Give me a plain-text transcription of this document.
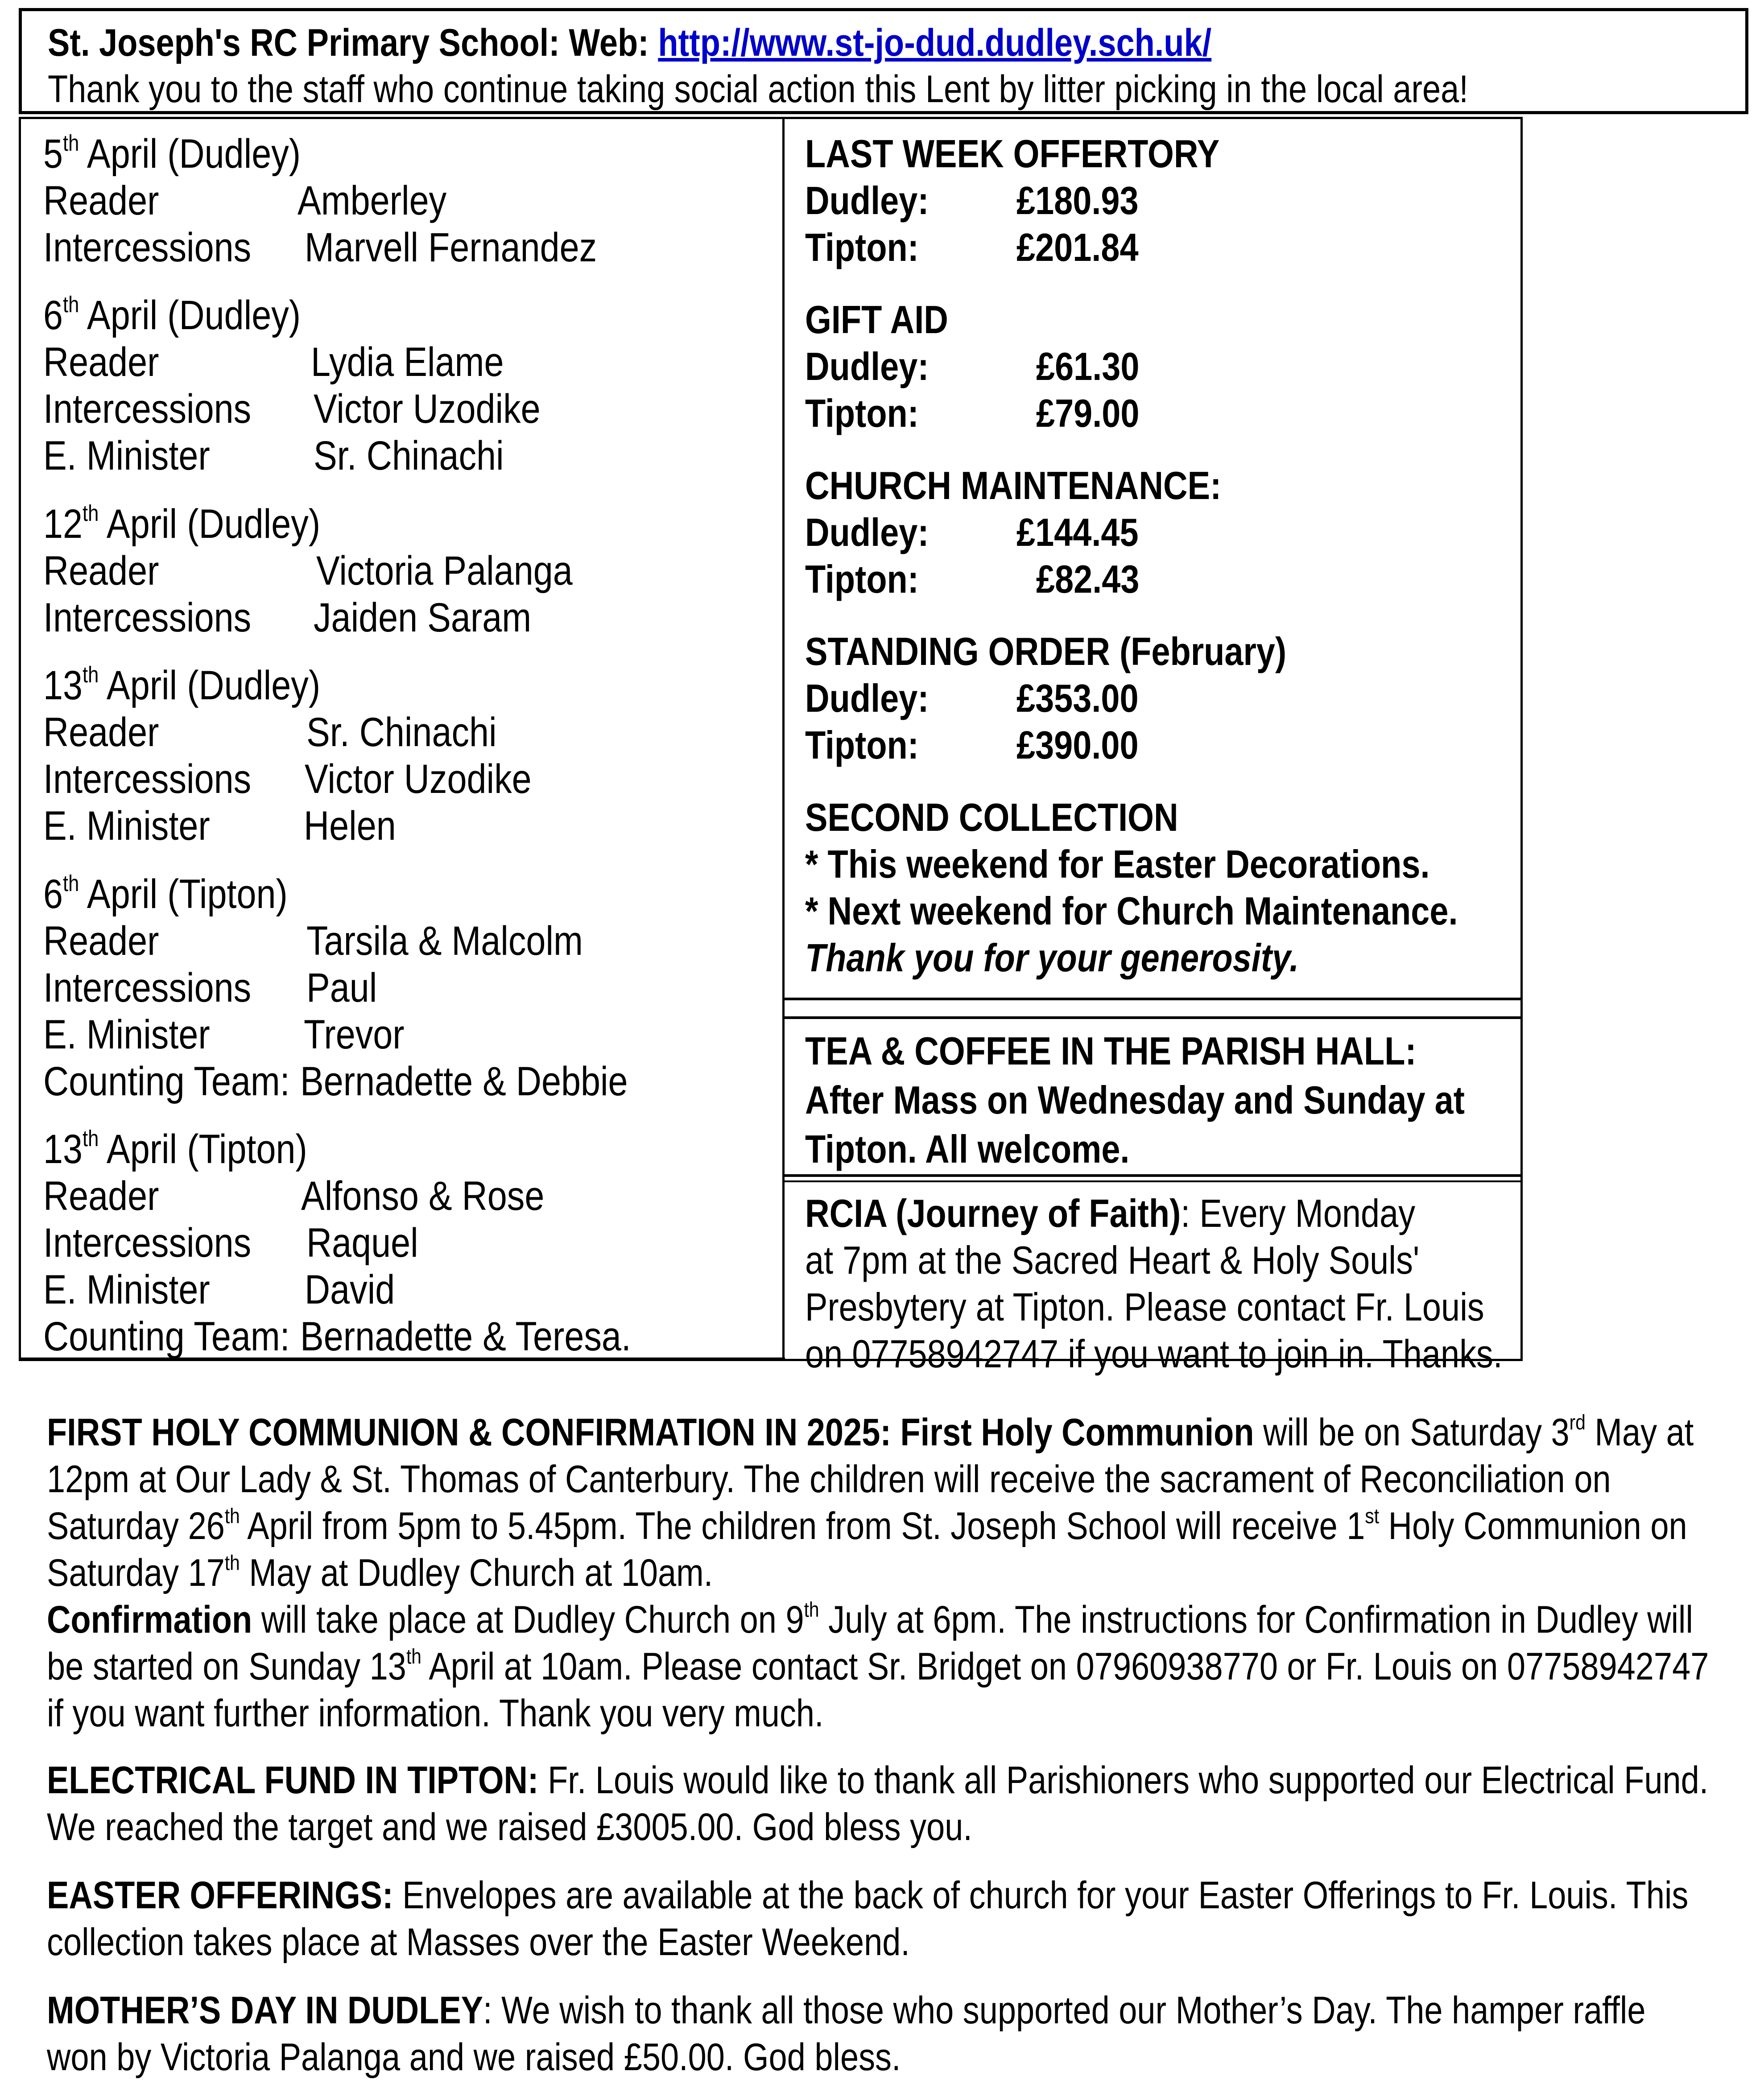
St. Joseph's RC Primary School: Web: http://www.st-jo-dud.dudley.sch.uk/
Thank you to the staff who continue taking social action this Lent by litter picking in the local area!
5th April (Dudley)
Reader	Amberley
Intercessions Marvell Fernandez
6th April (Dudley)
Reader	Lydia Elame
Intercessions Victor Uzodike
E. Minister	Sr. Chinachi
12th April (Dudley)
Reader	Victoria Palanga
Intercessions Jaiden Saram
13th April (Dudley)
Reader	Sr. Chinachi
Intercessions Victor Uzodike
E. Minister Helen
6th April (Tipton)
Reader	Tarsila & Malcolm
Intercessions Paul
E. Minister Trevor
Counting Team: Bernadette & Debbie
13th April (Tipton)
Reader	Alfonso & Rose
Intercessions Raquel
E. Minister David
Counting Team: Bernadette & Teresa.
LAST WEEK OFFERTORY
Dudley: £180.93
Tipton: £201.84
GIFT AID
Dudley:	£61.30
Tipton:	£79.00
CHURCH MAINTENANCE:
Dudley: £144.45
Tipton:	£82.43
STANDING ORDER (February)
Dudley: £353.00
Tipton: £390.00
SECOND COLLECTION
* This weekend for Easter Decorations.
* Next weekend for Church Maintenance.
Thank you for your generosity.
TEA & COFFEE IN THE PARISH HALL:
After Mass on Wednesday and Sunday at
Tipton. All welcome.
RCIA (Journey of Faith): Every Monday
at 7pm at the Sacred Heart & Holy Souls'
Presbytery at Tipton. Please contact Fr. Louis
on 07758942747 if you want to join in. Thanks.
FIRST HOLY COMMUNION & CONFIRMATION IN 2025: First Holy Communion will be on Saturday 3rd May at
12pm at Our Lady & St. Thomas of Canterbury. The children will receive the sacrament of Reconciliation on
Saturday 26th April from 5pm to 5.45pm. The children from St. Joseph School will receive 1st Holy Communion on
Saturday 17th May at Dudley Church at 10am.
Confirmation will take place at Dudley Church on 9th July at 6pm. The instructions for Confirmation in Dudley will
be started on Sunday 13th April at 10am. Please contact Sr. Bridget on 07960938770 or Fr. Louis on 07758942747
if you want further information. Thank you very much.
ELECTRICAL FUND IN TIPTON: Fr. Louis would like to thank all Parishioners who supported our Electrical Fund.
We reached the target and we raised £3005.00. God bless you.
EASTER OFFERINGS: Envelopes are available at the back of church for your Easter Offerings to Fr. Louis. This
collection takes place at Masses over the Easter Weekend.
MOTHER’S DAY IN DUDLEY: We wish to thank all those who supported our Mother’s Day. The hamper raffle
won by Victoria Palanga and we raised £50.00. God bless.
